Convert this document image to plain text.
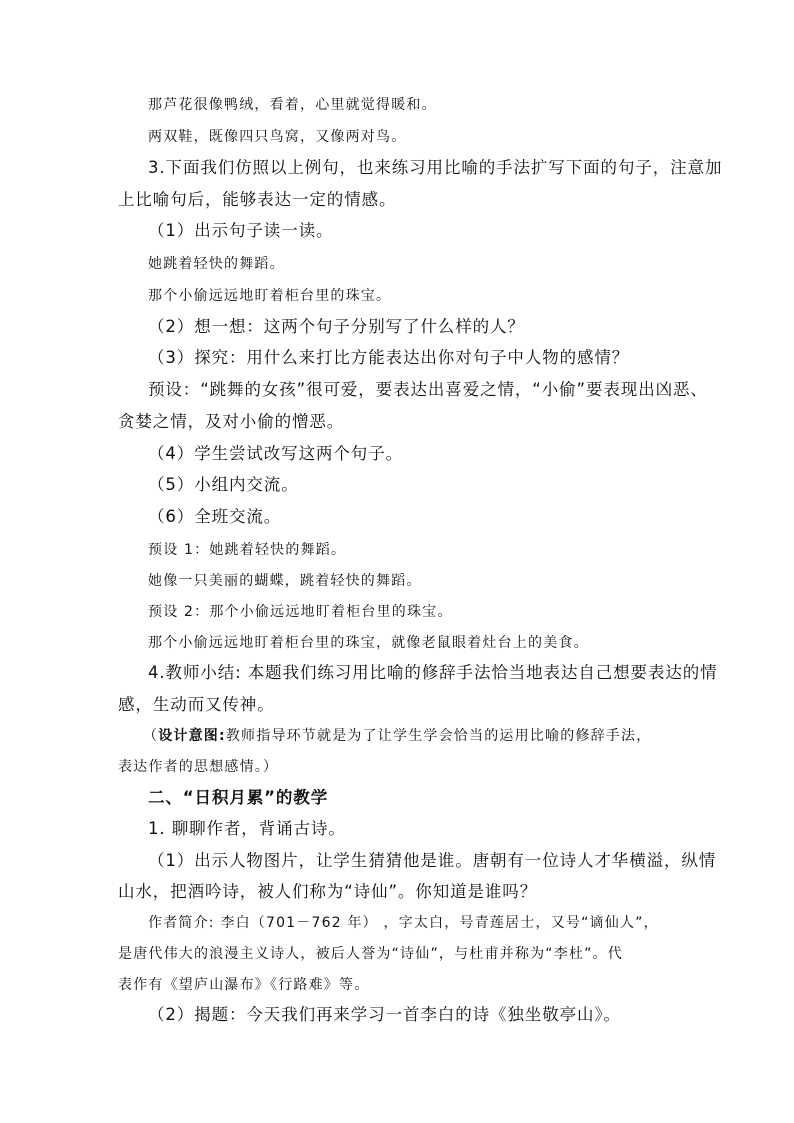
那芦花很像鸭绒，看着，心里就觉得暖和。
两双鞋，既像四只鸟窝，又像两对鸟。
3.下面我们仿照以上例句，也来练习用比喻的手法扩写下面的句子，注意加
上比喻句后，能够表达一定的情感。
（1）出示句子读一读。
她跳着轻快的舞蹈。
那个小偷远远地盯着柜台里的珠宝。
（2）想一想：这两个句子分别写了什么样的人？
（3）探究：用什么来打比方能表达出你对句子中人物的感情？
预设：“跳舞的女孩”很可爱，要表达出喜爱之情，“小偷”要表现出凶恶、
贪婪之情，及对小偷的憎恶。
（4）学生尝试改写这两个句子。
（5）小组内交流。
（6）全班交流。
预设 1：她跳着轻快的舞蹈。
她像一只美丽的蝴蝶，跳着轻快的舞蹈。
预设 2：那个小偷远远地盯着柜台里的珠宝。
那个小偷远远地盯着柜台里的珠宝，就像老鼠眼着灶台上的美食。
4.教师小结: 本题我们练习用比喻的修辞手法恰当地表达自己想要表达的情
感，生动而又传神。
（设计意图:教师指导环节就是为了让学生学会恰当的运用比喻的修辞手法，
表达作者的思想感情。）
二、“日积月累”的教学
1. 聊聊作者，背诵古诗。
（1）出示人物图片，让学生猜猜他是谁。唐朝有一位诗人才华横溢，纵情
山水，把酒吟诗，被人们称为“诗仙”。你知道是谁吗？
作者简介: 李白（701－762 年） ，字太白，号青莲居士，又号“谪仙人”，
是唐代伟大的浪漫主义诗人，被后人誉为“诗仙”，与杜甫并称为“李杜”。代
表作有《望庐山瀑布》《行路难》等。
（2）揭题：今天我们再来学习一首李白的诗《独坐敬亭山》。
